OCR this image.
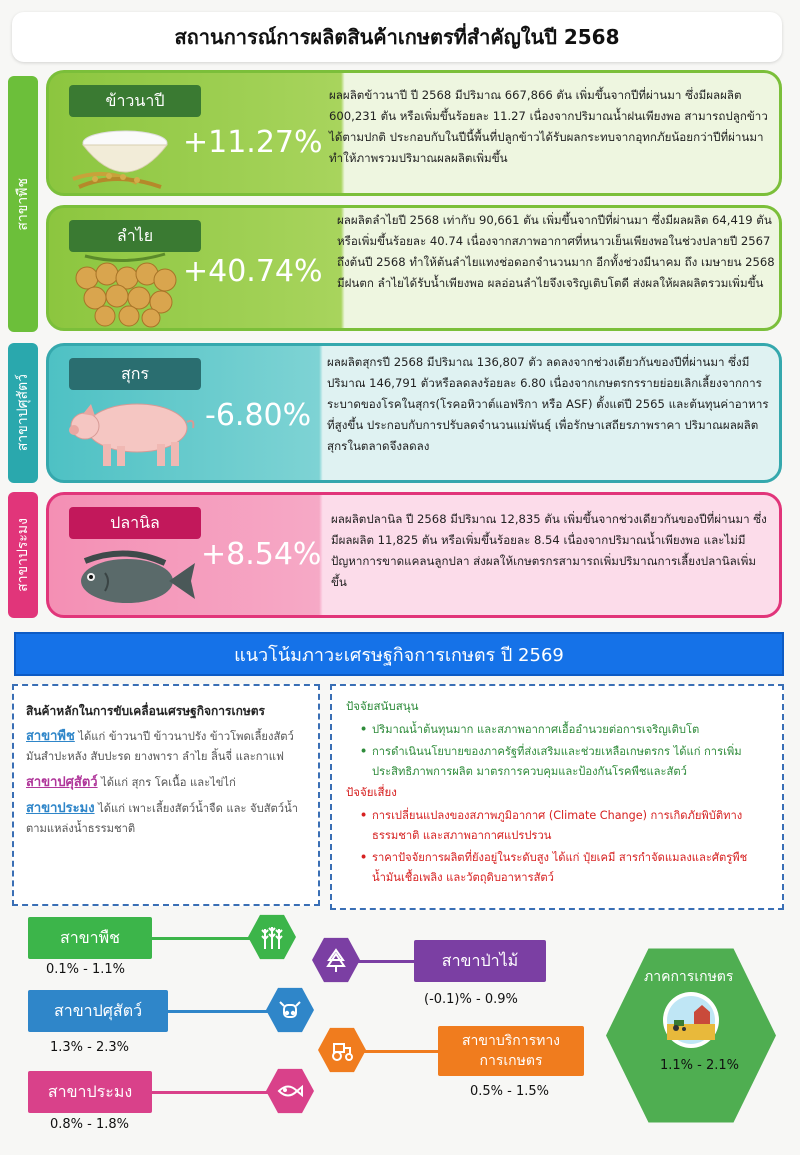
สถานการณ์การผลิตสินค้าเกษตรที่สำคัญในปี 2568
สาขาพืช
สาขาปศุสัตว์
สาขาประมง
ข้าวนาปี
+11.27%
ผลผลิตข้าวนาปี ปี 2568 มีปริมาณ 667,866 ตัน เพิ่มขึ้นจากปีที่ผ่านมา ซึ่งมีผลผลิต 600,231 ตัน หรือเพิ่มขึ้นร้อยละ 11.27 เนื่องจากปริมาณน้ำฝนเพียงพอ สามารถปลูกข้าวได้ตามปกติ ประกอบกับในปีนี้พื้นที่ปลูกข้าวได้รับผลกระทบจากอุทกภัยน้อยกว่าปีที่ผ่านมาทำให้ภาพรวมปริมาณผลผลิตเพิ่มขึ้น
ลำไย
+40.74%
ผลผลิตลำไยปี 2568 เท่ากับ 90,661 ตัน เพิ่มขึ้นจากปีที่ผ่านมา ซึ่งมีผลผลิต 64,419 ตัน หรือเพิ่มขึ้นร้อยละ 40.74 เนื่องจากสภาพอากาศที่หนาวเย็นเพียงพอในช่วงปลายปี 2567 ถึงต้นปี 2568 ทำให้ต้นลำไยแทงช่อดอกจำนวนมาก อีกทั้งช่วงมีนาคม ถึง เมษายน 2568 มีฝนตก ลำไยได้รับน้ำเพียงพอ ผลอ่อนลำไยจึงเจริญเติบโตดี ส่งผลให้ผลผลิตรวมเพิ่มขึ้น
สุกร
-6.80%
ผลผลิตสุกรปี 2568 มีปริมาณ 136,807 ตัว ลดลงจากช่วงเดียวกันของปีที่ผ่านมา ซึ่งมีปริมาณ 146,791 ตัวหรือลดลงร้อยละ 6.80 เนื่องจากเกษตรกรรายย่อยเลิกเลี้ยงจากการระบาดของโรคในสุกร(โรคอหิวาต์แอฟริกา หรือ ASF) ตั้งแต่ปี 2565 และต้นทุนค่าอาหารที่สูงขึ้น ประกอบกับการปรับลดจำนวนแม่พันธุ์ เพื่อรักษาเสถียรภาพราคา ปริมาณผลผลิตสุกรในตลาดจึงลดลง
ปลานิล
+8.54%
ผลผลิตปลานิล ปี 2568 มีปริมาณ 12,835 ตัน เพิ่มขึ้นจากช่วงเดียวกันของปีที่ผ่านมา ซึ่งมีผลผลิต 11,825 ตัน หรือเพิ่มขึ้นร้อยละ 8.54 เนื่องจากปริมาณน้ำเพียงพอ และไม่มีปัญหาการขาดแคลนลูกปลา ส่งผลให้เกษตรกรสามารถเพิ่มปริมาณการเลี้ยงปลานิลเพิ่มขึ้น
แนวโน้มภาวะเศรษฐกิจการเกษตร ปี 2569
สินค้าหลักในการขับเคลื่อนเศรษฐกิจการเกษตร

สาขาพืช ได้แก่ ข้าวนาปี ข้าวนาปรัง ข้าวโพดเลี้ยงสัตว์ มันสำปะหลัง สับปะรด ยางพารา ลำไย ลิ้นจี่ และกาแฟ

สาขาปศุสัตว์ ได้แก่ สุกร โคเนื้อ และไข่ไก่

สาขาประมง ได้แก่ เพาะเลี้ยงสัตว์น้ำจืด และ จับสัตว์น้ำตามแหล่งน้ำธรรมชาติ

ปัจจัยสนับสนุน
• ปริมาณน้ำต้นทุนมาก และสภาพอากาศเอื้ออำนวยต่อการเจริญเติบโต
• การดำเนินนโยบายของภาครัฐที่ส่งเสริมและช่วยเหลือเกษตรกร ได้แก่ การเพิ่มประสิทธิภาพการผลิต มาตรการควบคุมและป้องกันโรคพืชและสัตว์
ปัจจัยเสี่ยง
• การเปลี่ยนแปลงของสภาพภูมิอากาศ (Climate Change) การเกิดภัยพิบัติทางธรรมชาติ และสภาพอากาศแปรปรวน
• ราคาปัจจัยการผลิตที่ยังอยู่ในระดับสูง ได้แก่ ปุ๋ยเคมี สารกำจัดแมลงและศัตรูพืช น้ำมันเชื้อเพลิง และวัตถุดิบอาหารสัตว์
สาขาพืช
0.1% - 1.1%
สาขาปศุสัตว์
1.3% - 2.3%
สาขาประมง
0.8% - 1.8%
สาขาป่าไม้
(-0.1)% - 0.9%
สาขาบริการทาง
การเกษตร
0.5% - 1.5%
ภาคการเกษตร
1.1% - 2.1%
